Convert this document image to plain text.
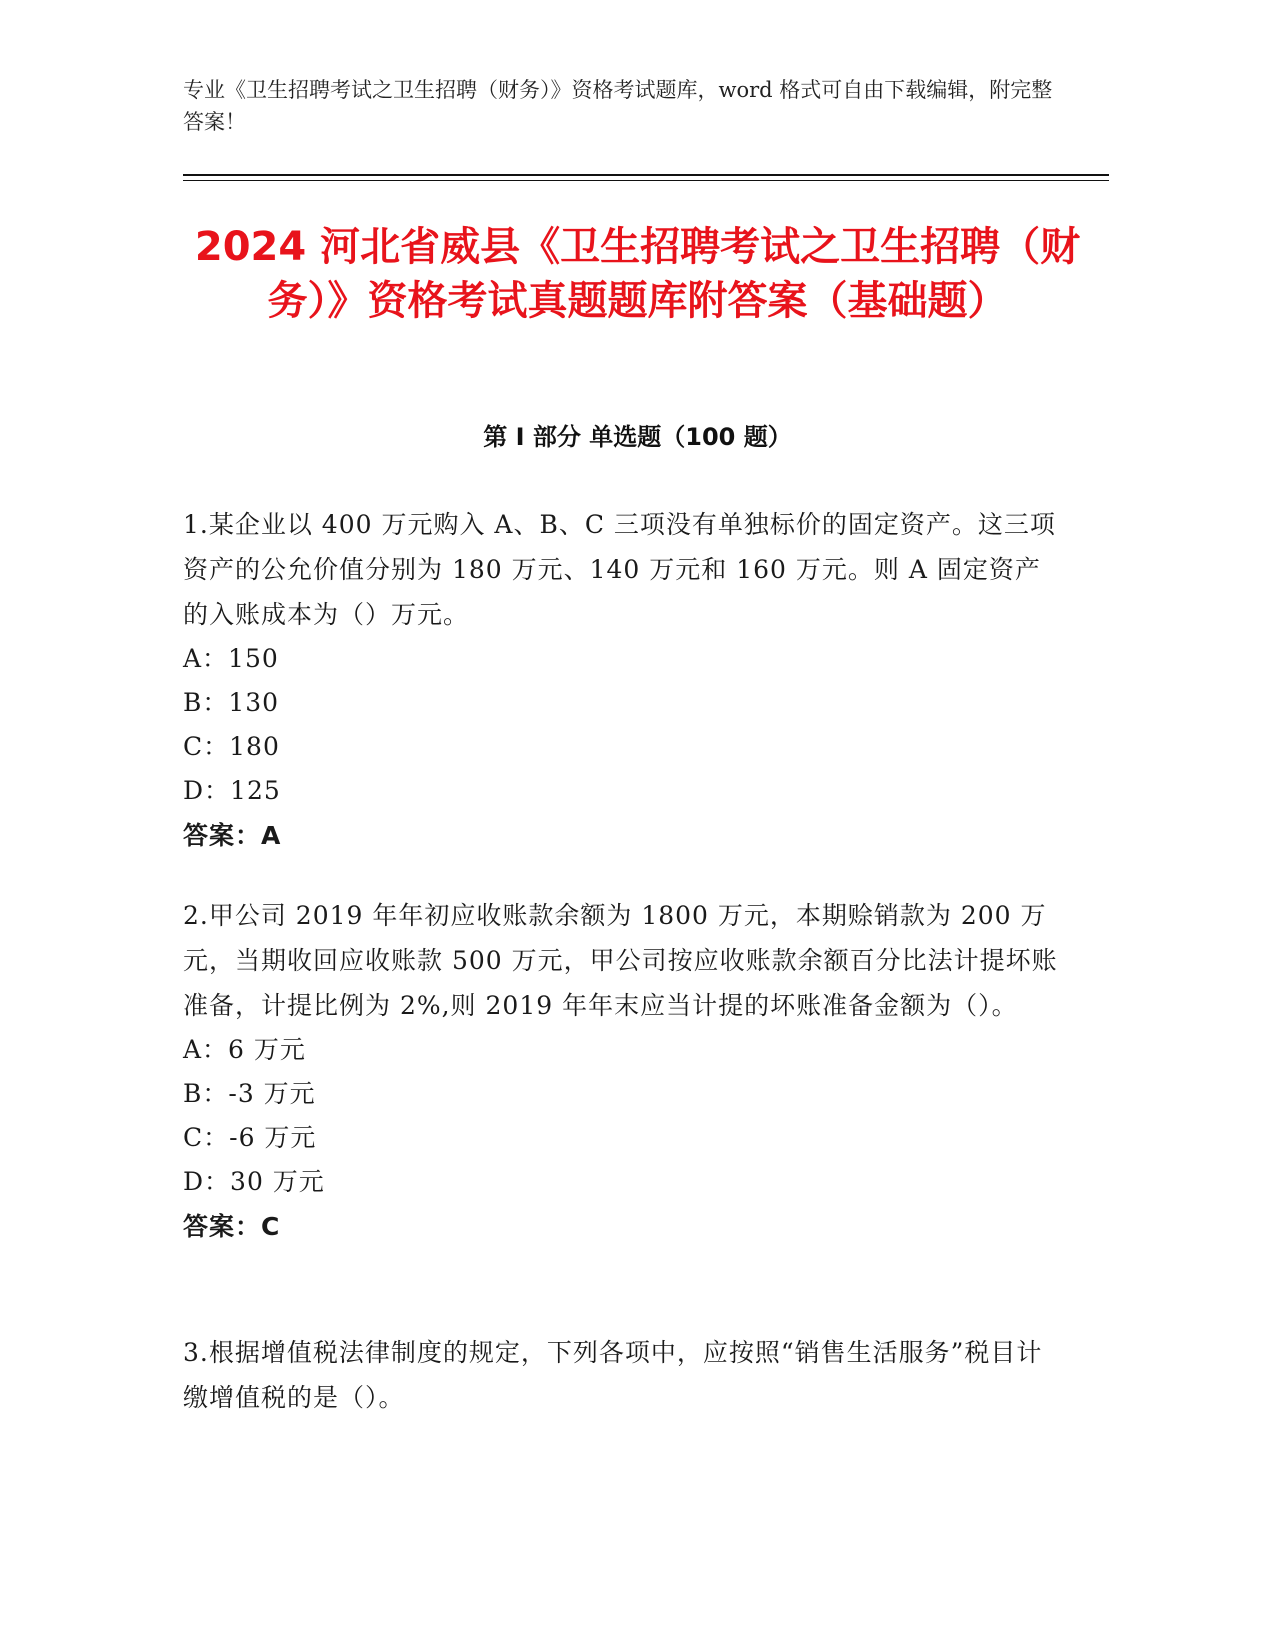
专业《卫生招聘考试之卫生招聘（财务）》资格考试题库，word 格式可自由下载编辑，附完整答案！

2024 河北省威县《卫生招聘考试之卫生招聘（财务）》资格考试真题题库附答案（基础题）
第 I 部分 单选题（100 题）

1.某企业以 400 万元购入 A、B、C 三项没有单独标价的固定资产。这三项资产的公允价值分别为 180 万元、140 万元和 160 万元。则 A 固定资产的入账成本为（）万元。

A：150

B：130

C：180

D：125

答案：A

2.甲公司 2019 年年初应收账款余额为 1800 万元，本期赊销款为 200 万元，当期收回应收账款 500 万元，甲公司按应收账款余额百分比法计提坏账准备，计提比例为 2%,则 2019 年年末应当计提的坏账准备金额为（）。

A：6 万元

B：-3 万元

C：-6 万元

D：30 万元

答案：C

3.根据增值税法律制度的规定，下列各项中，应按照“销售生活服务”税目计缴增值税的是（）。
